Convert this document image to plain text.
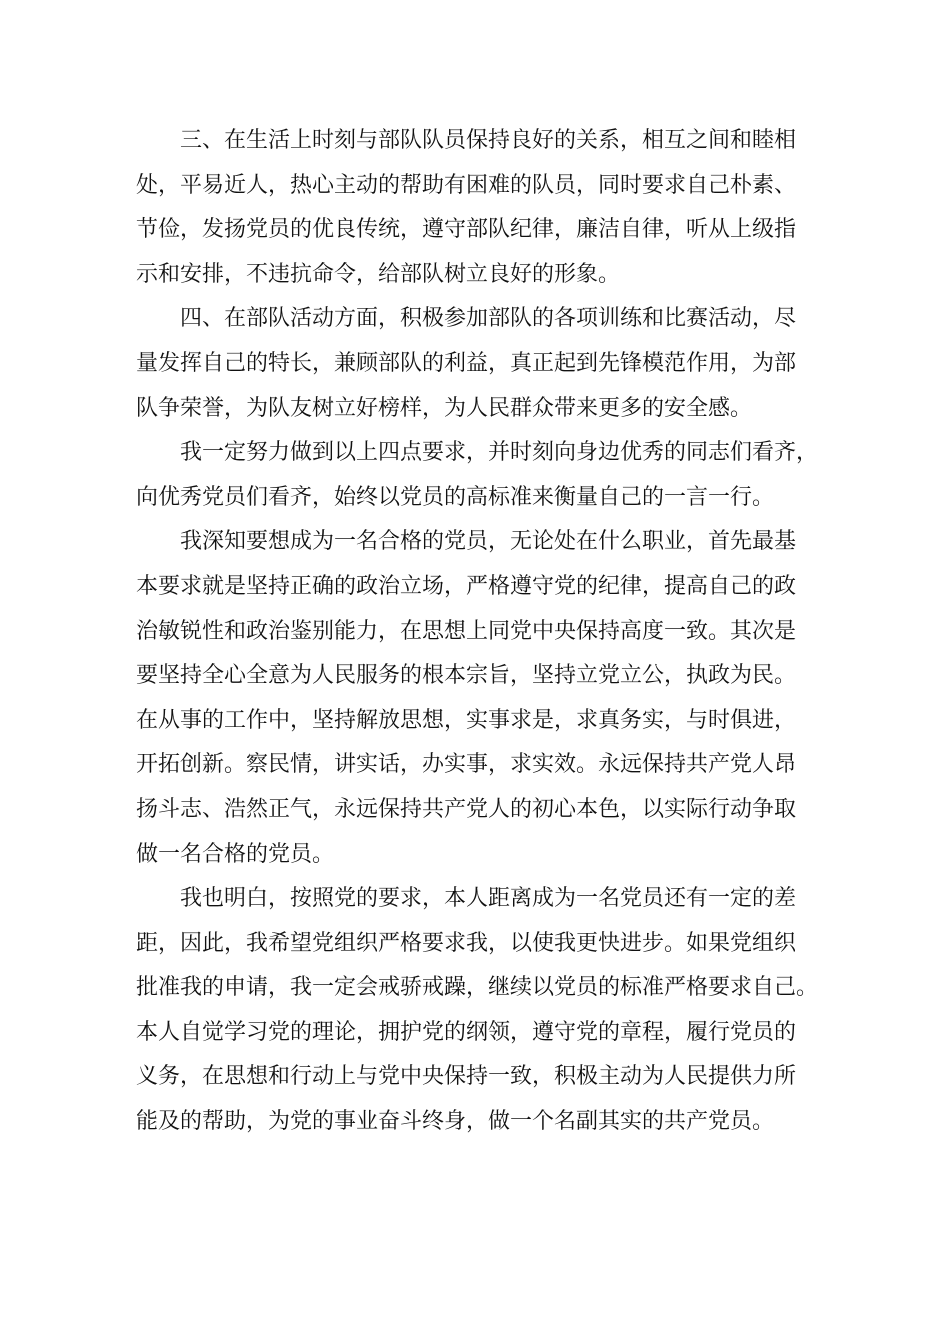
三、在生活上时刻与部队队员保持良好的关系，相互之间和睦相
处，平易近人，热心主动的帮助有困难的队员，同时要求自己朴素、
节俭，发扬党员的优良传统，遵守部队纪律，廉洁自律，听从上级指
示和安排，不违抗命令，给部队树立良好的形象。
四、在部队活动方面，积极参加部队的各项训练和比赛活动，尽
量发挥自己的特长，兼顾部队的利益，真正起到先锋模范作用，为部
队争荣誉，为队友树立好榜样，为人民群众带来更多的安全感。
我一定努力做到以上四点要求，并时刻向身边优秀的同志们看齐，
向优秀党员们看齐，始终以党员的高标准来衡量自己的一言一行。
我深知要想成为一名合格的党员，无论处在什么职业，首先最基
本要求就是坚持正确的政治立场，严格遵守党的纪律，提高自己的政
治敏锐性和政治鉴别能力，在思想上同党中央保持高度一致。其次是
要坚持全心全意为人民服务的根本宗旨，坚持立党立公，执政为民。
在从事的工作中，坚持解放思想，实事求是，求真务实，与时俱进，
开拓创新。察民情，讲实话，办实事，求实效。永远保持共产党人昂
扬斗志、浩然正气，永远保持共产党人的初心本色，以实际行动争取
做一名合格的党员。
我也明白，按照党的要求，本人距离成为一名党员还有一定的差
距，因此，我希望党组织严格要求我，以使我更快进步。如果党组织
批准我的申请，我一定会戒骄戒躁，继续以党员的标准严格要求自己。
本人自觉学习党的理论，拥护党的纲领，遵守党的章程，履行党员的
义务，在思想和行动上与党中央保持一致，积极主动为人民提供力所
能及的帮助，为党的事业奋斗终身，做一个名副其实的共产党员。
